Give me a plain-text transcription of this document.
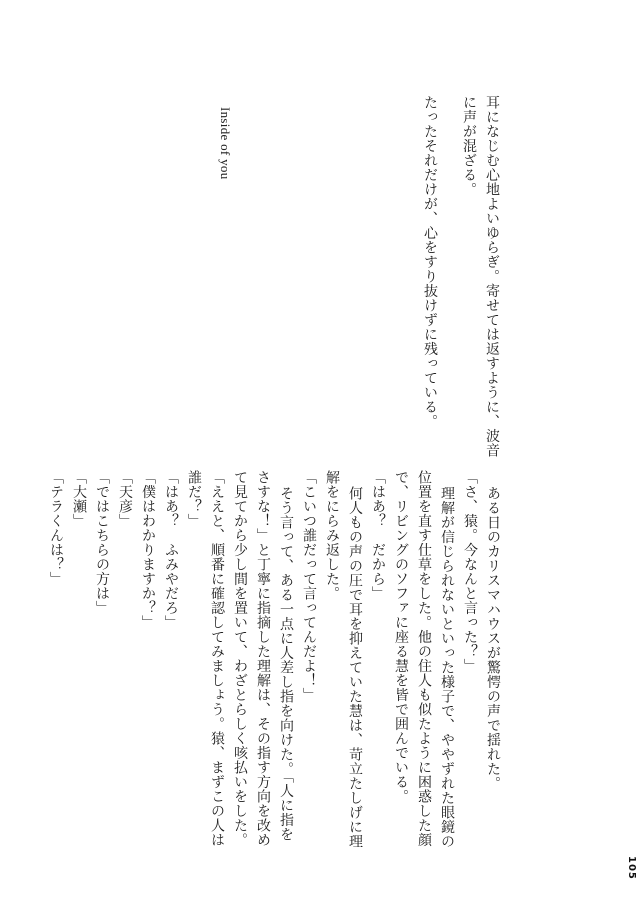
耳になじむ心地よいゆらぎ。寄せては返すように、波音
に声が混ざる。
たったそれだけが、心をすり抜けずに残っている。
Inside of you
ある日のカリスマハウスが驚愕の声で揺れた。
「さ、猿。今なんと言った？」
理解が信じられないといった様子で、ややずれた眼鏡の
位置を直す仕草をした。他の住人も似たように困惑した顔
で、リビングのソファに座る慧を皆で囲んでいる。
「はあ？　だから」
何人もの声の圧で耳を抑えていた慧は、苛立たしげに理
解をにらみ返した。
「こいつ誰だって言ってんだよ！」
そう言って、ある一点に人差し指を向けた。「人に指を
さすな！」と丁寧に指摘した理解は、その指す方向を改め
て見てから少し間を置いて、わざとらしく咳払いをした。
「ええと、順番に確認してみましょう。猿、まずこの人は
誰だ？」
「はあ？　ふみやだろ」
「僕はわかりますか？」
「天彦」
「ではこちらの方は」
「大瀬」
「テラくんは？」
105
